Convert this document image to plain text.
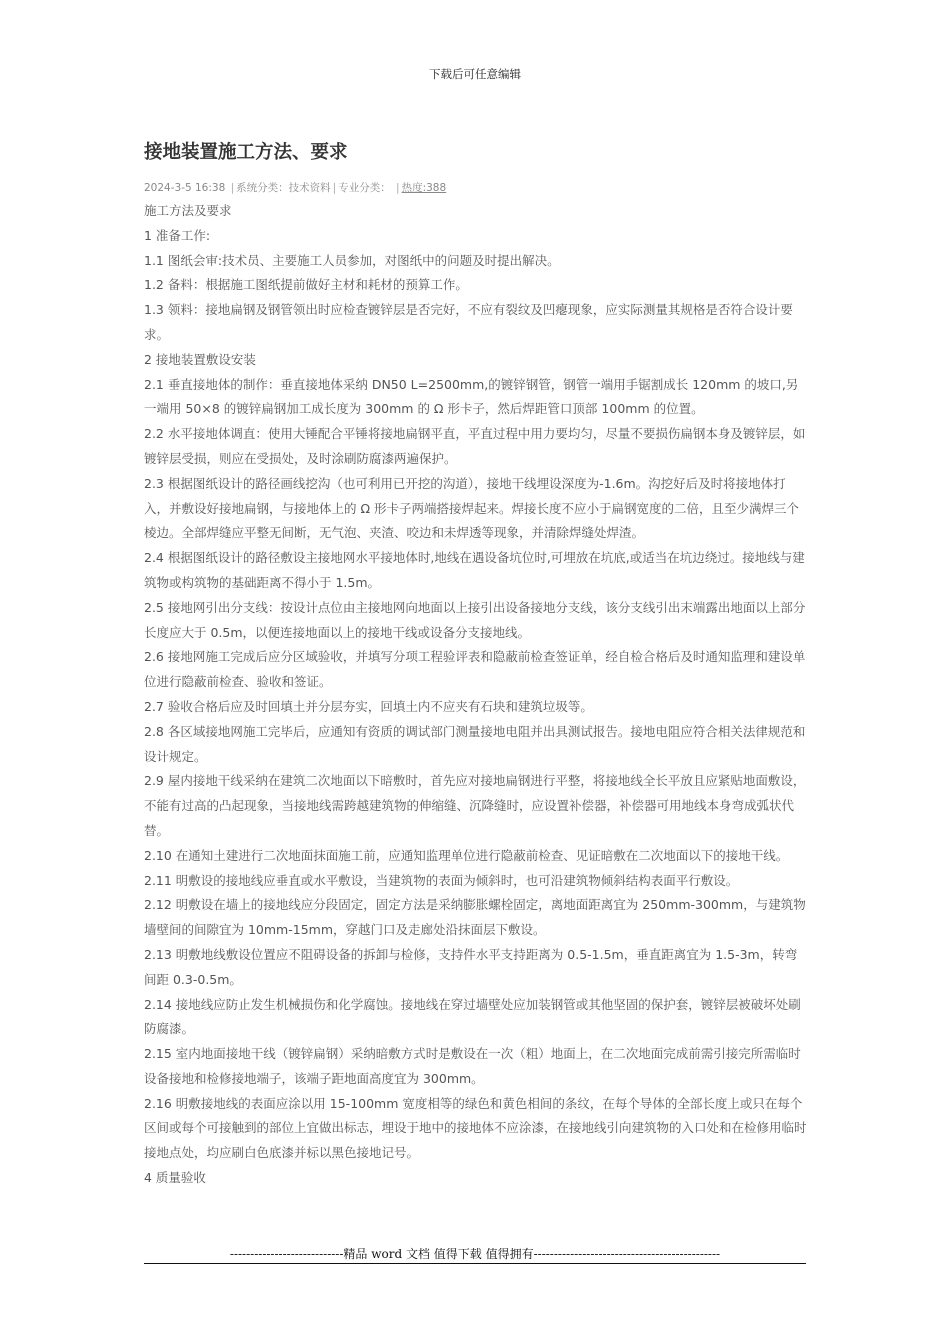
下载后可任意编辑
接地装置施工方法、要求
2024-3-5 16:38 | 系统分类：技术资料 | 专业分类： | 热度:388

施工方法及要求

1 准备工作:

1.1 图纸会审:技术员、主要施工人员参加，对图纸中的问题及时提出解决。

1.2 备料：根据施工图纸提前做好主材和耗材的预算工作。

1.3 领料：接地扁钢及钢管领出时应检查镀锌层是否完好，不应有裂纹及凹瘪现象，应实际测量其规格是否符合设计要求。

2 接地装置敷设安装

2.1 垂直接地体的制作：垂直接地体采纳 DN50 L=2500mm,的镀锌钢管，钢管一端用手锯割成长 120mm 的坡口,另一端用 50×8 的镀锌扁钢加工成长度为 300mm 的 Ω 形卡子，然后焊距管口顶部 100mm 的位置。

2.2 水平接地体调直：使用大锤配合平锤将接地扁钢平直，平直过程中用力要均匀，尽量不要损伤扁钢本身及镀锌层，如镀锌层受损，则应在受损处，及时涂刷防腐漆两遍保护。

2.3 根据图纸设计的路径画线挖沟（也可利用已开挖的沟道），接地干线埋设深度为-1.6m。沟挖好后及时将接地体打入，并敷设好接地扁钢，与接地体上的 Ω 形卡子两端搭接焊起来。焊接长度不应小于扁钢宽度的二倍，且至少满焊三个棱边。全部焊缝应平整无间断，无气泡、夹渣、咬边和未焊透等现象，并清除焊缝处焊渣。

2.4 根据图纸设计的路径敷设主接地网水平接地体时,地线在遇设备坑位时,可埋放在坑底,或适当在坑边绕过。接地线与建筑物或构筑物的基础距离不得小于 1.5m。

2.5 接地网引出分支线：按设计点位由主接地网向地面以上接引出设备接地分支线，该分支线引出末端露出地面以上部分长度应大于 0.5m，以便连接地面以上的接地干线或设备分支接地线。

2.6 接地网施工完成后应分区域验收，并填写分项工程验评表和隐蔽前检查签证单，经自检合格后及时通知监理和建设单位进行隐蔽前检查、验收和签证。

2.7 验收合格后应及时回填土并分层夯实，回填土内不应夹有石块和建筑垃圾等。

2.8 各区域接地网施工完毕后，应通知有资质的调试部门测量接地电阻并出具测试报告。接地电阻应符合相关法律规范和设计规定。

2.9 屋内接地干线采纳在建筑二次地面以下暗敷时，首先应对接地扁钢进行平整，将接地线全长平放且应紧贴地面敷设，不能有过高的凸起现象，当接地线需跨越建筑物的伸缩缝、沉降缝时，应设置补偿器，补偿器可用地线本身弯成弧状代替。

2.10 在通知土建进行二次地面抹面施工前，应通知监理单位进行隐蔽前检查、见证暗敷在二次地面以下的接地干线。

2.11 明敷设的接地线应垂直或水平敷设，当建筑物的表面为倾斜时，也可沿建筑物倾斜结构表面平行敷设。

2.12 明敷设在墙上的接地线应分段固定，固定方法是采纳膨胀螺栓固定，离地面距离宜为 250mm-300mm，与建筑物墙壁间的间隙宜为 10mm-15mm，穿越门口及走廊处沿抹面层下敷设。

2.13 明敷地线敷设位置应不阻碍设备的拆卸与检修，支持件水平支持距离为 0.5-1.5m，垂直距离宜为 1.5-3m，转弯间距 0.3-0.5m。

2.14 接地线应防止发生机械损伤和化学腐蚀。接地线在穿过墙壁处应加装钢管或其他坚固的保护套，镀锌层被破坏处刷防腐漆。

2.15 室内地面接地干线（镀锌扁钢）采纳暗敷方式时是敷设在一次（粗）地面上，在二次地面完成前需引接完所需临时设备接地和检修接地端子，该端子距地面高度宜为 300mm。

2.16 明敷接地线的表面应涂以用 15-100mm 宽度相等的绿色和黄色相间的条纹，在每个导体的全部长度上或只在每个区间或每个可接触到的部位上宜做出标志，埋设于地中的接地体不应涂漆，在接地线引向建筑物的入口处和在检修用临时接地点处，均应刷白色底漆并标以黑色接地记号。

4 质量验收

----------------------------精品 word 文档 值得下载 值得拥有----------------------------------------------
